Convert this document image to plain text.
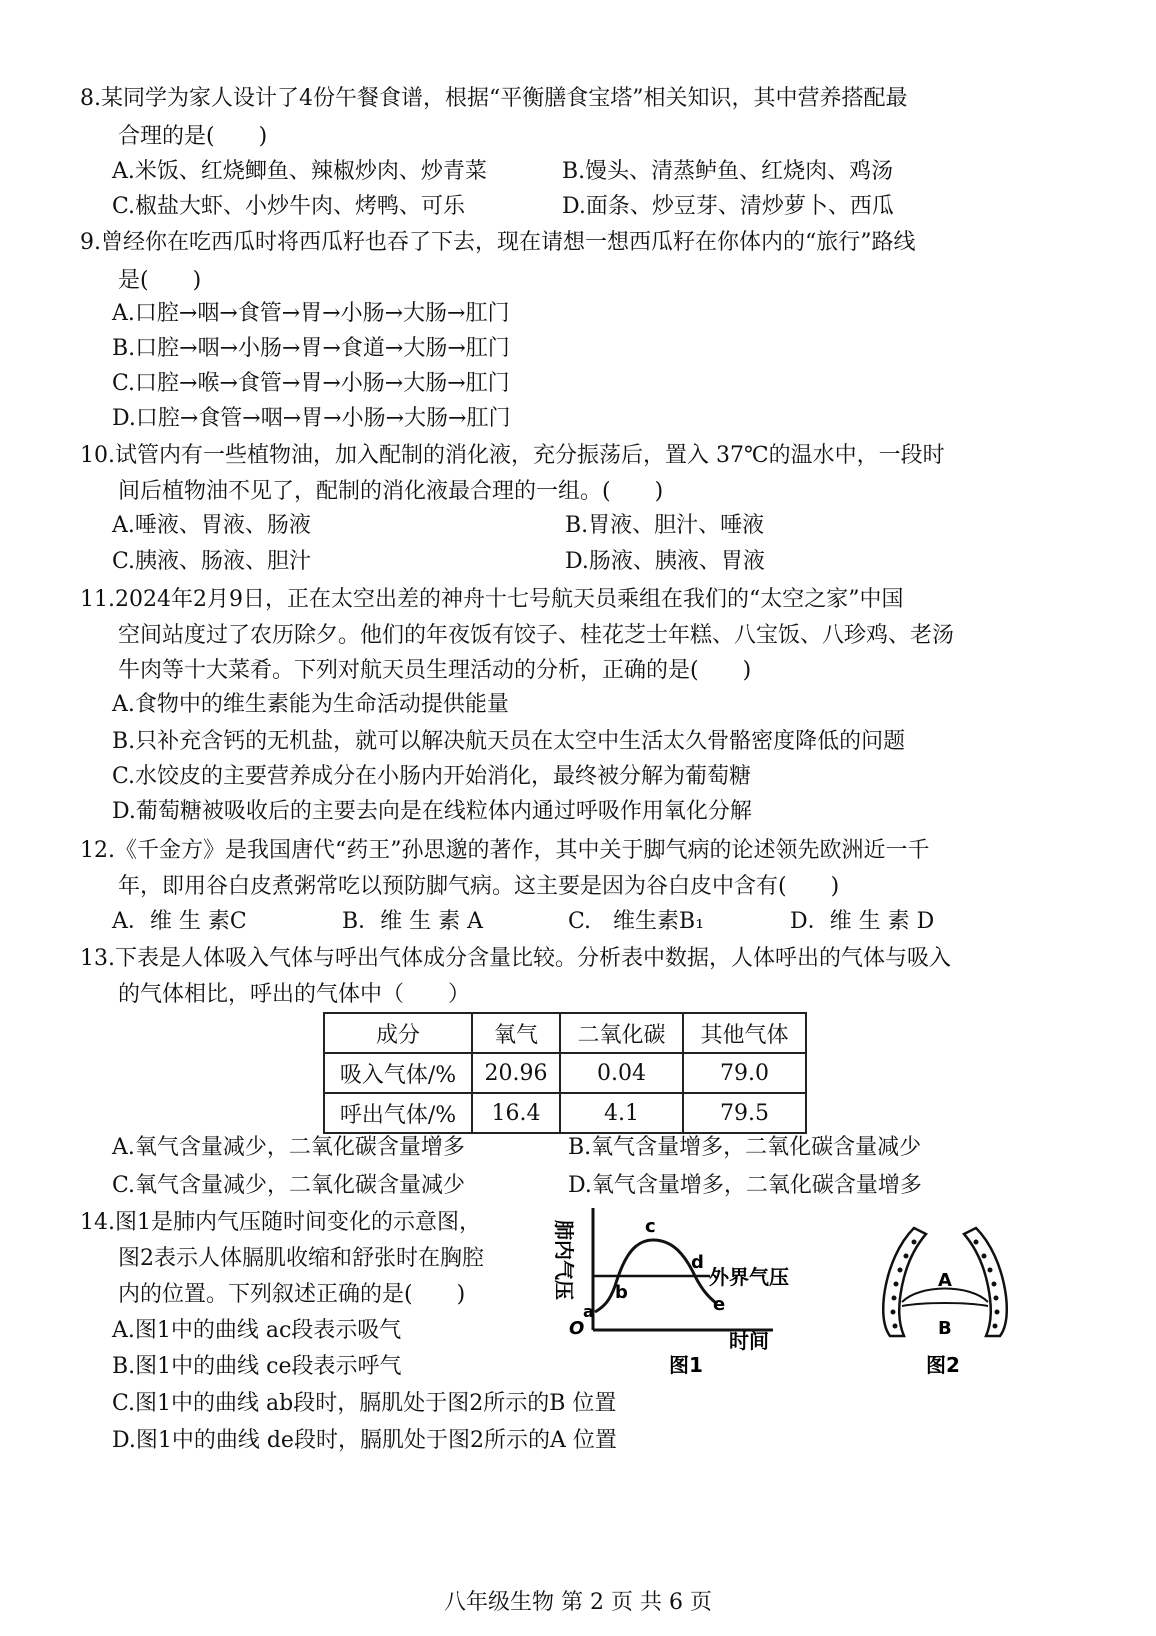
8.某同学为家人设计了4份午餐食谱，根据“平衡膳食宝塔”相关知识，其中营养搭配最
合理的是(　　)
A.米饭、红烧鲫鱼、辣椒炒肉、炒青菜	B.馒头、清蒸鲈鱼、红烧肉、鸡汤
C.椒盐大虾、小炒牛肉、烤鸭、可乐	D.面条、炒豆芽、清炒萝卜、西瓜
9.曾经你在吃西瓜时将西瓜籽也吞了下去，现在请想一想西瓜籽在你体内的“旅行”路线
是(　　)
A.口腔→咽→食管→胃→小肠→大肠→肛门
B.口腔→咽→小肠→胃→食道→大肠→肛门
C.口腔→喉→食管→胃→小肠→大肠→肛门
D.口腔→食管→咽→胃→小肠→大肠→肛门
10.试管内有一些植物油，加入配制的消化液，充分振荡后，置入 37℃的温水中，一段时
间后植物油不见了，配制的消化液最合理的一组。(　　)
A.唾液、胃液、肠液	B.胃液、胆汁、唾液
C.胰液、肠液、胆汁	D.肠液、胰液、胃液
11.2024年2月9日，正在太空出差的神舟十七号航天员乘组在我们的“太空之家”中国
空间站度过了农历除夕。他们的年夜饭有饺子、桂花芝士年糕、八宝饭、八珍鸡、老汤
牛肉等十大菜肴。下列对航天员生理活动的分析，正确的是(　　)
A.食物中的维生素能为生命活动提供能量
B.只补充含钙的无机盐，就可以解决航天员在太空中生活太久骨骼密度降低的问题
C.水饺皮的主要营养成分在小肠内开始消化，最终被分解为葡萄糖
D.葡萄糖被吸收后的主要去向是在线粒体内通过呼吸作用氧化分解
12.《千金方》是我国唐代“药王”孙思邈的著作，其中关于脚气病的论述领先欧洲近一千
年，即用谷白皮煮粥常吃以预防脚气病。这主要是因为谷白皮中含有(　　)
A．维 生 素C	B．维 生 素 A	C.　维生素B₁	D．维 生 素 D
13.下表是人体吸入气体与呼出气体成分含量比较。分析表中数据，人体呼出的气体与吸入
的气体相比，呼出的气体中（　　）
成分	氧气	二氧化碳	其他气体
吸入气体/%	20.96	0.04	79.0
呼出气体/%	16.4	4.1	79.5
A.氧气含量减少，二氧化碳含量增多	B.氧气含量增多，二氧化碳含量减少
C.氧气含量减少，二氧化碳含量减少	D.氧气含量增多，二氧化碳含量增多
14.图1是肺内气压随时间变化的示意图，
图2表示人体膈肌收缩和舒张时在胸腔
内的位置。下列叙述正确的是(　　)
A.图1中的曲线 ac段表示吸气
B.图1中的曲线 ce段表示呼气
C.图1中的曲线 ab段时，膈肌处于图2所示的B 位置
D.图1中的曲线 de段时，膈肌处于图2所示的A 位置
肺内气压
时间
O
外界气压
a
b
c
d
e
图1
A
B
图2
八年级生物 第 2 页 共 6 页
